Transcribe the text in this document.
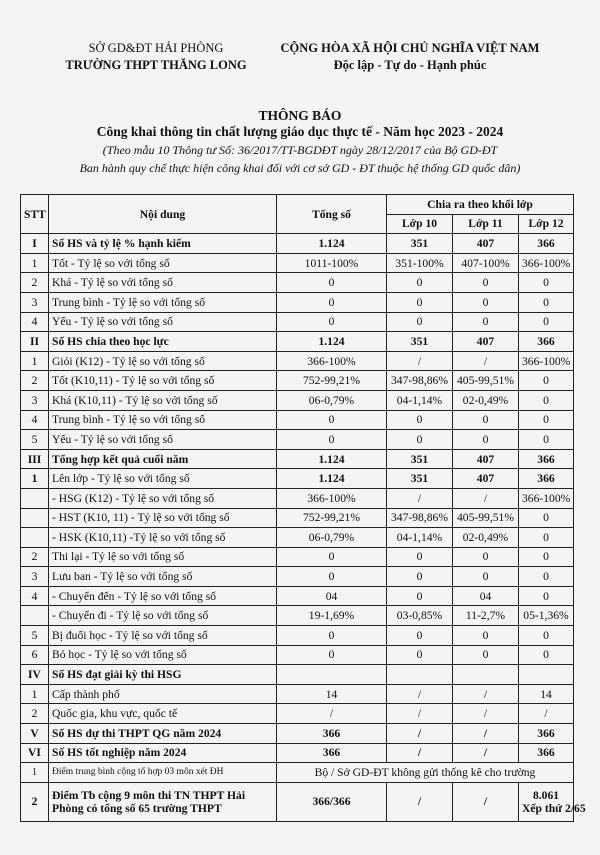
SỞ GD&ĐT HẢI PHÒNG
TRƯỜNG THPT THĂNG LONG
CỘNG HÒA XÃ HỘI CHỦ NGHĨA VIỆT NAM
Độc lập - Tự do - Hạnh phúc
THÔNG BÁO
Công khai thông tin chất lượng giáo dục thực tế - Năm học 2023 - 2024
(Theo mẫu 10 Thông tư Số: 36/2017/TT-BGDĐT ngày 28/12/2017 của Bộ GD-ĐT
Ban hành quy chế thực hiện công khai đối với cơ sở GD - ĐT thuộc hệ thống GD quốc dân)
STT	Nội dung	Tổng số	Chia ra theo khối lớp		
			Lớp 10	Lớp 11	Lớp 12
I	Số HS và tỷ lệ % hạnh kiểm	1.124	351	407	366
1	Tốt - Tỷ lệ so với tổng số	1011-100%	351-100%	407-100%	366-100%
2	Khá - Tỷ lệ so với tổng số	0	0	0	0
3	Trung bình - Tỷ lệ so với tổng số	0	0	0	0
4	Yếu - Tỷ lệ so với tổng số	0	0	0	0
II	Số HS chia theo học lực	1.124	351	407	366
1	Giỏi (K12) - Tỷ lệ so với tổng số	366-100%	/	/	366-100%
2	Tốt (K10,11) - Tỷ lệ so với tổng số	752-99,21%	347-98,86%	405-99,51%	0
3	Khá (K10,11) - Tỷ lệ so với tổng số	06-0,79%	04-1,14%	02-0,49%	0
4	Trung bình - Tỷ lệ so với tổng số	0	0	0	0
5	Yếu - Tỷ lệ so với tổng số	0	0	0	0
III	Tổng hợp kết quả cuối năm	1.124	351	407	366
1	Lên lớp - Tỷ lệ so với tổng số	1.124	351	407	366
	- HSG (K12) - Tỷ lệ so với tổng số	366-100%	/	/	366-100%
	- HST (K10, 11) - Tỷ lệ so với tổng số	752-99,21%	347-98,86%	405-99,51%	0
	- HSK (K10,11) -Tỷ lệ so với tổng số	06-0,79%	04-1,14%	02-0,49%	0
2	Thi lại - Tỷ lệ so với tổng số	0	0	0	0
3	Lưu ban - Tỷ lệ so với tổng số	0	0	0	0
4	- Chuyển đến - Tỷ lệ so với tổng số	04	0	04	0
	- Chuyển đi - Tỷ lệ so với tổng số	19-1,69%	03-0,85%	11-2,7%	05-1,36%
5	Bị đuổi học - Tỷ lệ so với tổng số	0	0	0	0
6	Bỏ học - Tỷ lệ so với tổng số	0	0	0	0
IV	Số HS đạt giải kỳ thi HSG				
1	Cấp thành phố	14	/	/	14
2	Quốc gia, khu vực, quốc tế	/	/	/	/
V	Số HS dự thi THPT QG năm 2024	366	/	/	366
VI	Số HS tốt nghiệp năm 2024	366	/	/	366
1	Điểm trung bình cộng tổ hợp 03 môn xét ĐH	Bộ / Sở GD-ĐT không gửi thống kê cho trường			
2	Điểm Tb cộng 9 môn thi TN THPT Hải Phòng có tổng số 65 trường THPT	366/366	/	/	8.061
Xếp thứ 2/65
